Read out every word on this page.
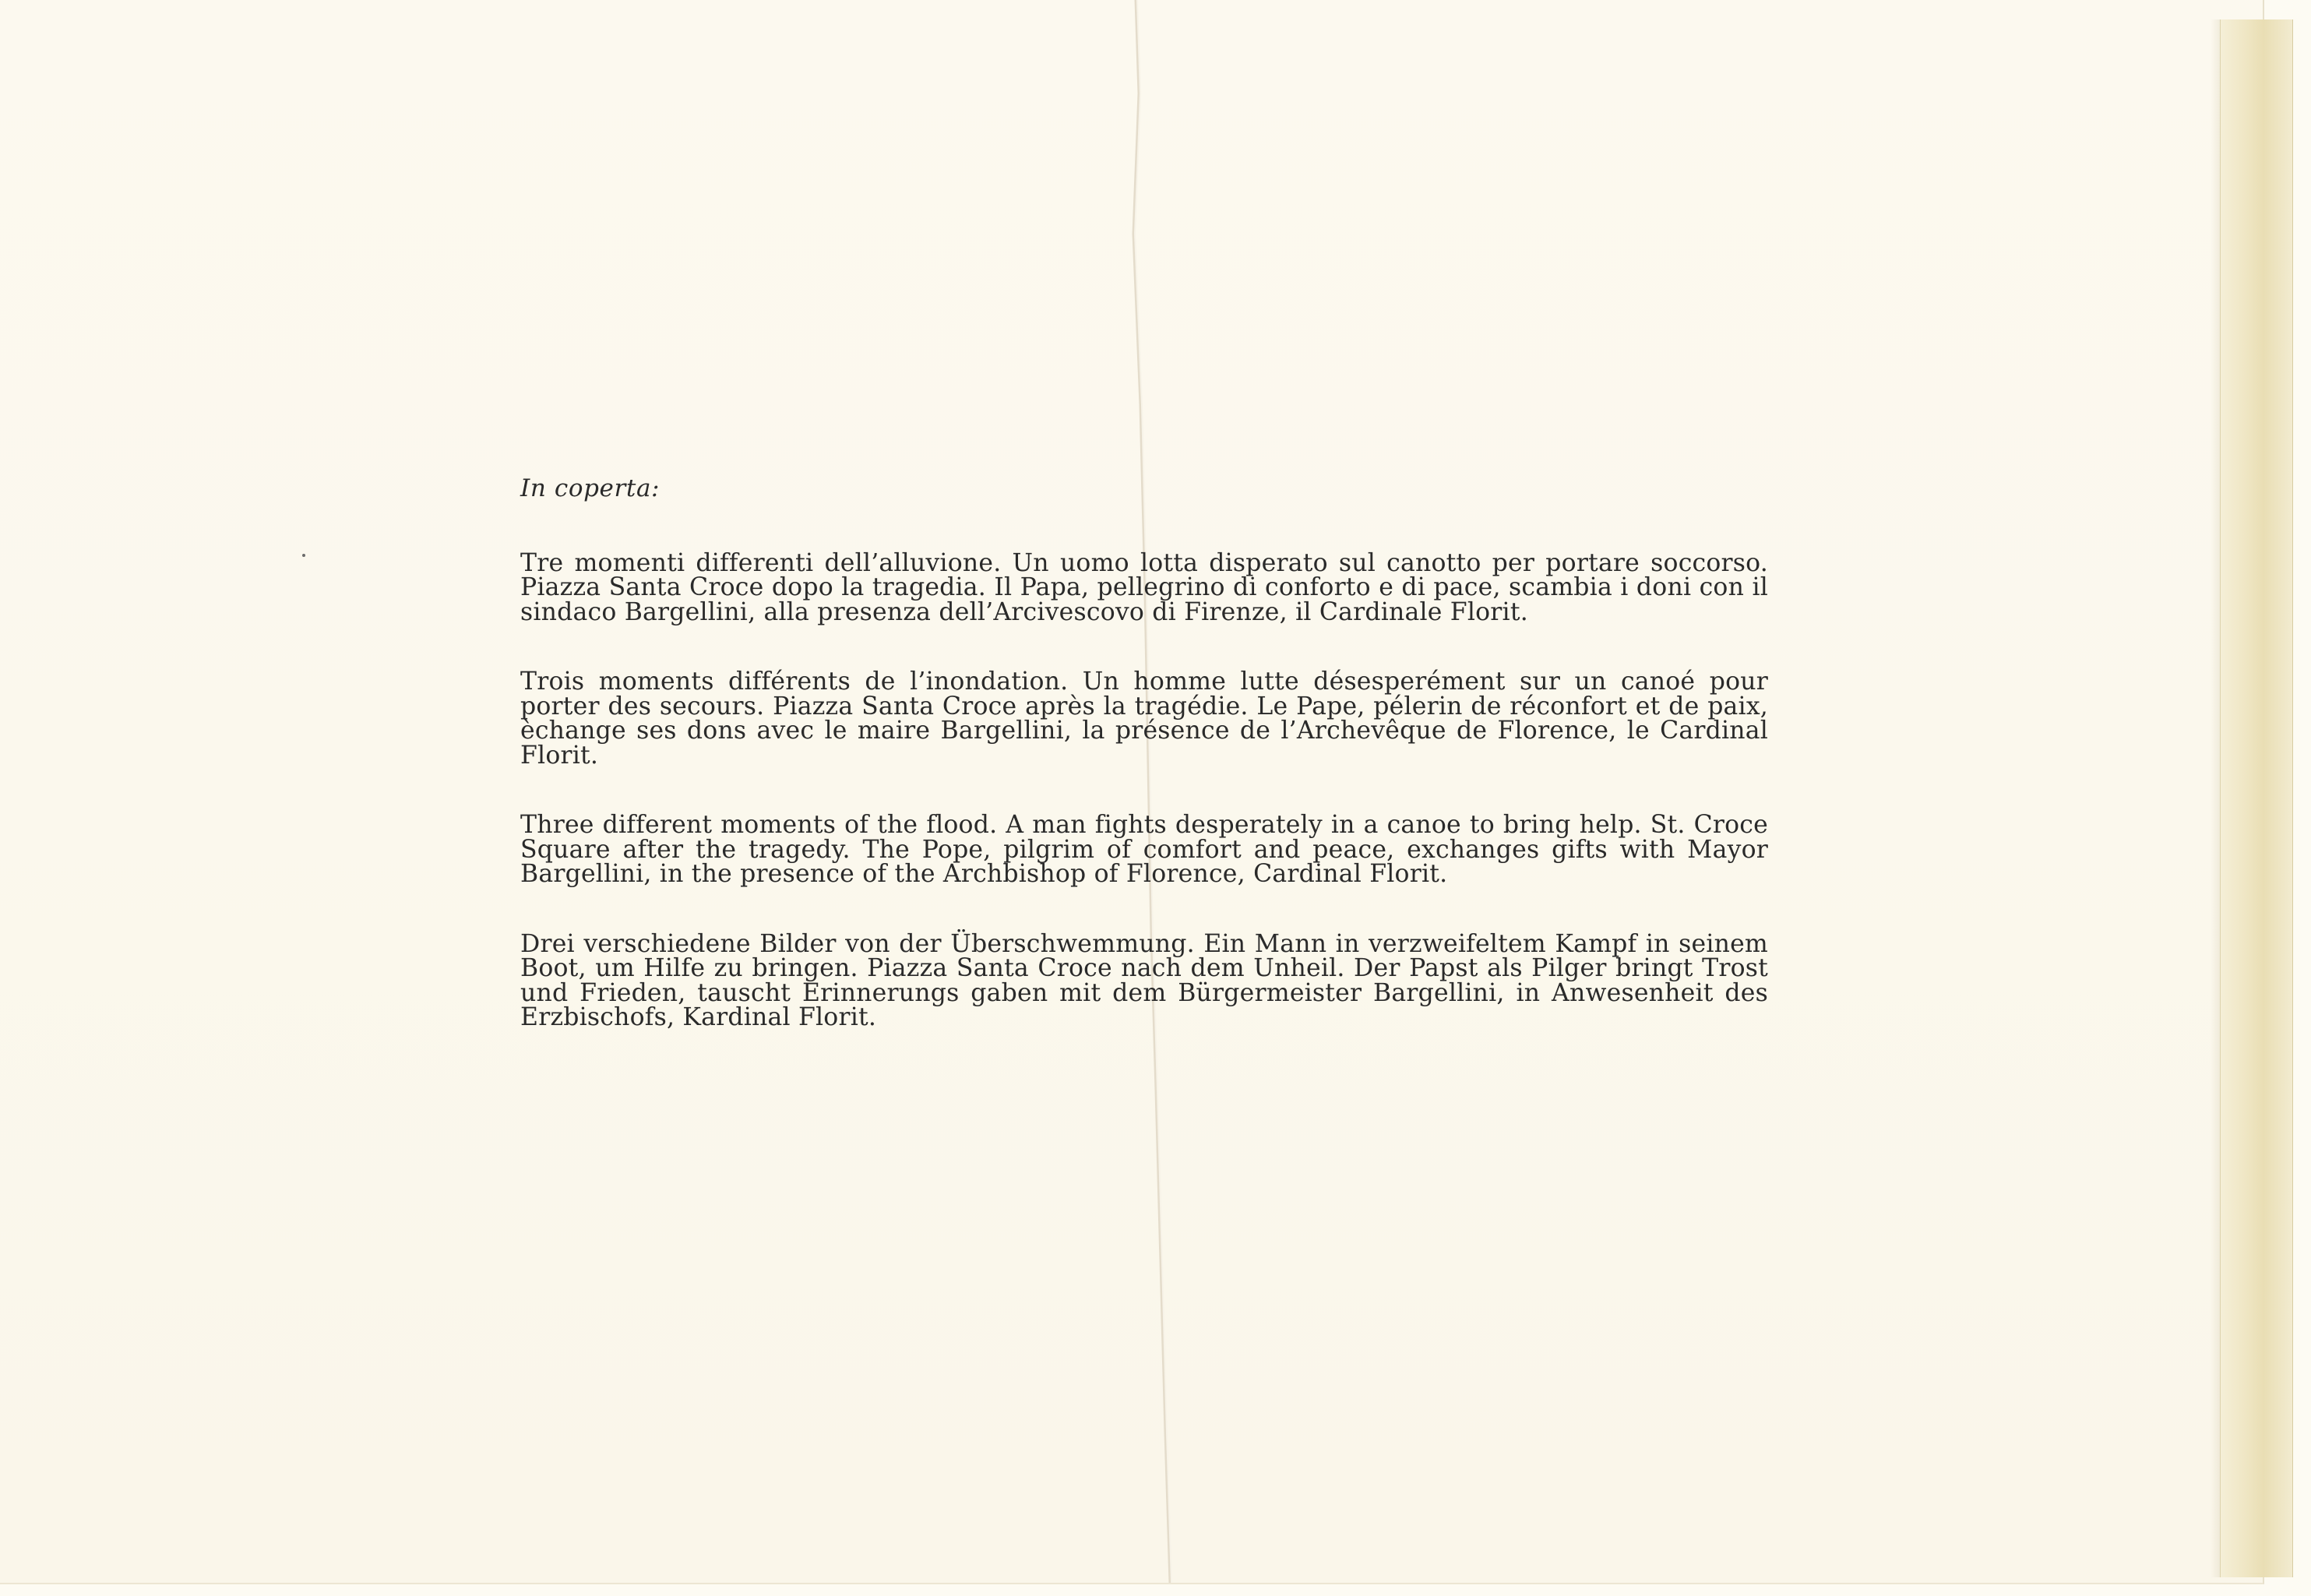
In coperta:

Tre momenti differenti dell’alluvione. Un uomo lotta disperato sul canotto per portare soccorso. Piazza Santa Croce dopo la tragedia. Il Papa, pellegrino di conforto e di pace, scambia i doni con il sindaco Bargellini, alla presenza dell’Arcivescovo di Firenze, il Cardinale Florit.

Trois moments différents de l’inondation. Un homme lutte désesperément sur un canoé pour porter des secours. Piazza Santa Croce après la tragédie. Le Pape, pélerin de réconfort et de paix, èchange ses dons avec le maire Bargellini, la présence de l’Archevêque de Florence, le Cardinal Florit.

Three different moments of the flood. A man fights desperately in a canoe to bring help. St. Croce Square after the tragedy. The Pope, pilgrim of comfort and peace, exchanges gifts with Mayor Bargellini, in the presence of the Archbishop of Florence, Cardinal Florit.

Drei verschiedene Bilder von der Überschwemmung. Ein Mann in verzweifeltem Kampf in seinem Boot, um Hilfe zu bringen. Piazza Santa Croce nach dem Unheil. Der Papst als Pilger bringt Trost und Frieden, tauscht Erinnerungs gaben mit dem Bürgermeister Bargellini, in Anwesenheit des Erzbischofs, Kardinal Florit.
